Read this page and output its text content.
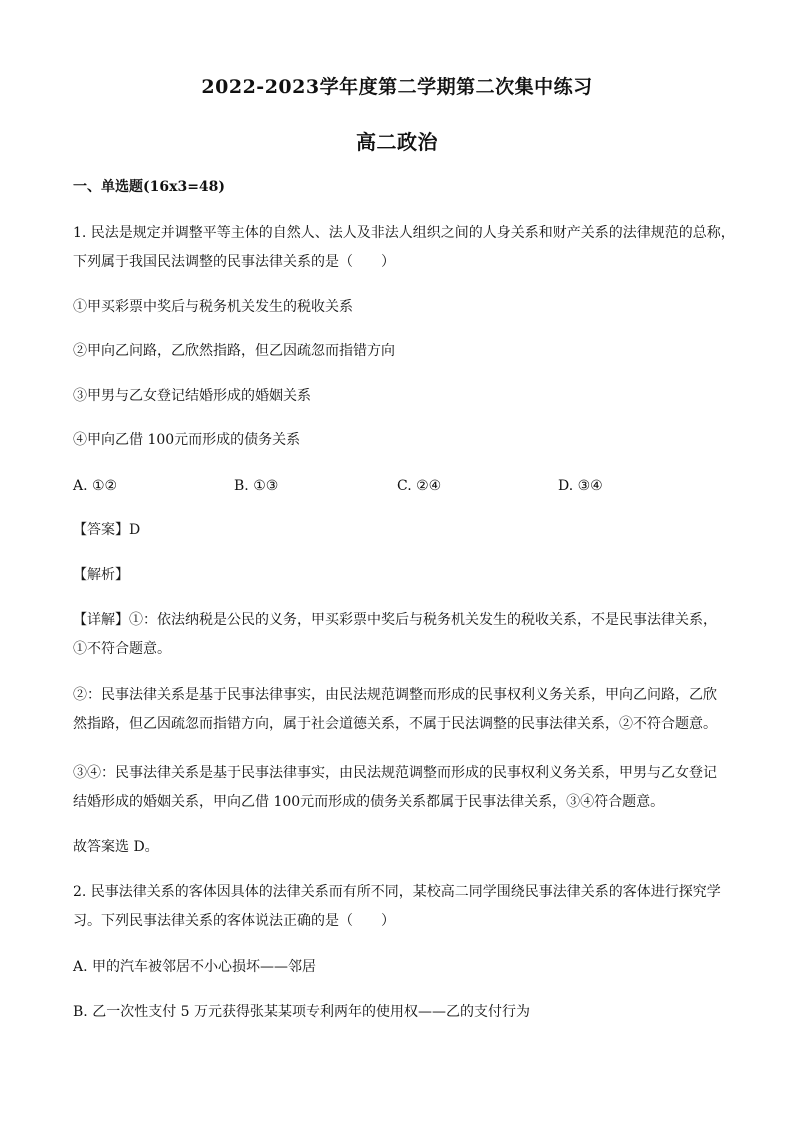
2022-2023学年度第二学期第二次集中练习
高二政治
一、单选题(16x3=48)
1. 民法是规定并调整平等主体的自然人、法人及非法人组织之间的人身关系和财产关系的法律规范的总称，
下列属于我国民法调整的民事法律关系的是（　　）
①甲买彩票中奖后与税务机关发生的税收关系
②甲向乙问路，乙欣然指路，但乙因疏忽而指错方向
③甲男与乙女登记结婚形成的婚姻关系
④甲向乙借 100元而形成的债务关系
A. ①②	B. ①③	C. ②④	D. ③④
【答案】D
【解析】
【详解】①：依法纳税是公民的义务，甲买彩票中奖后与税务机关发生的税收关系，不是民事法律关系，
①不符合题意。
②：民事法律关系是基于民事法律事实，由民法规范调整而形成的民事权利义务关系，甲向乙问路，乙欣
然指路，但乙因疏忽而指错方向，属于社会道德关系，不属于民法调整的民事法律关系，②不符合题意。
③④：民事法律关系是基于民事法律事实，由民法规范调整而形成的民事权利义务关系，甲男与乙女登记
结婚形成的婚姻关系，甲向乙借 100元而形成的债务关系都属于民事法律关系，③④符合题意。
故答案选 D。
2. 民事法律关系的客体因具体的法律关系而有所不同，某校高二同学围绕民事法律关系的客体进行探究学
习。下列民事法律关系的客体说法正确的是（　　）
A. 甲的汽车被邻居不小心损坏——邻居
B. 乙一次性支付 5 万元获得张某某项专利两年的使用权——乙的支付行为
